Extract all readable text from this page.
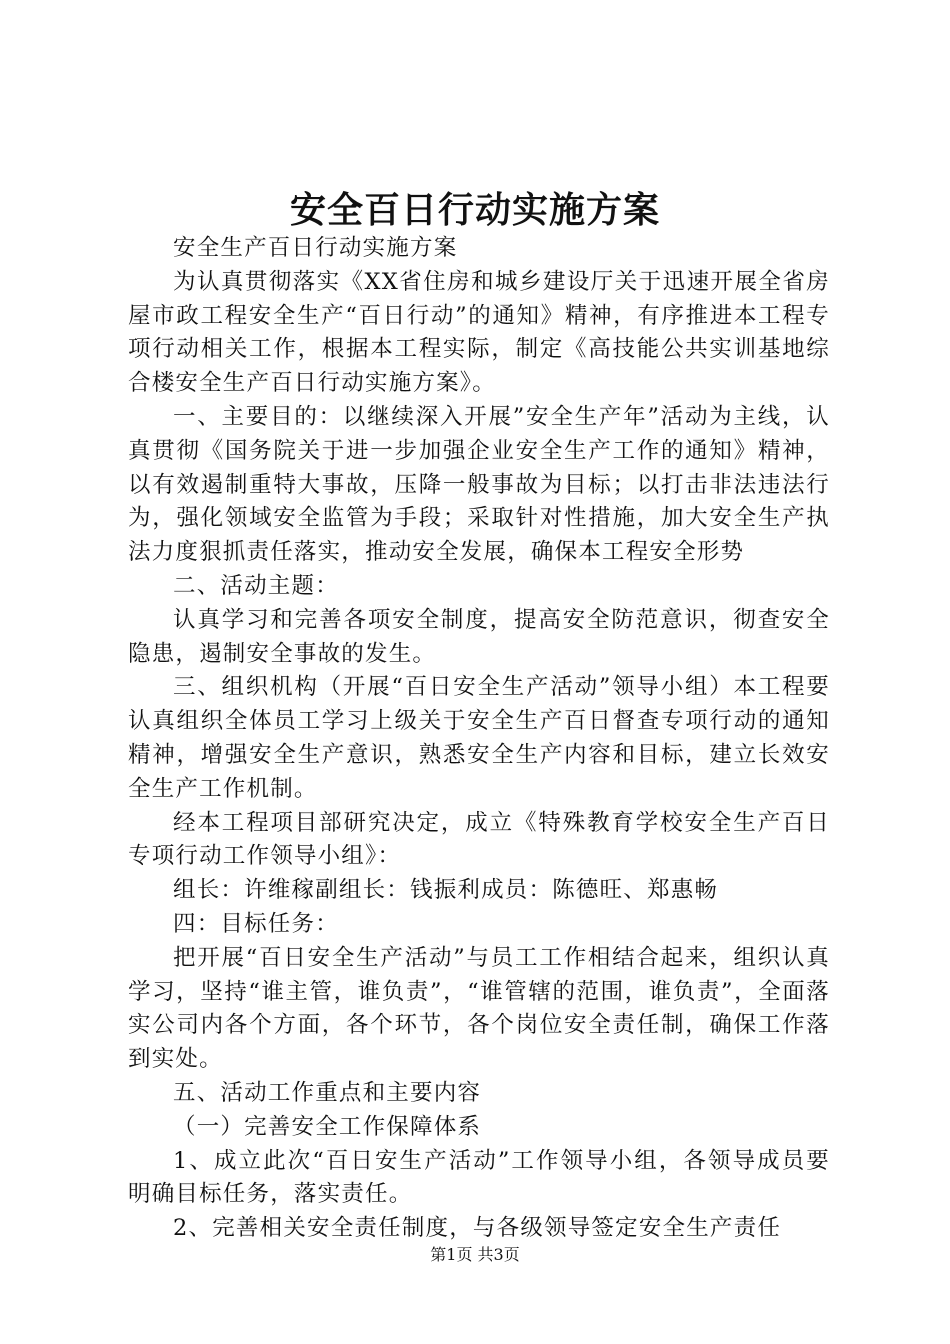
安全百日行动实施方案

安全生产百日行动实施方案

为认真贯彻落实《XX省住房和城乡建设厅关于迅速开展全省房屋市政工程安全生产“百日行动”的通知》精神，有序推进本工程专项行动相关工作，根据本工程实际，制定《高技能公共实训基地综合楼安全生产百日行动实施方案》。

一、主要目的：以继续深入开展”安全生产年”活动为主线，认真贯彻《国务院关于进一步加强企业安全生产工作的通知》精神，以有效遏制重特大事故，压降一般事故为目标；以打击非法违法行为，强化领域安全监管为手段；采取针对性措施，加大安全生产执法力度狠抓责任落实，推动安全发展，确保本工程安全形势

二、活动主题：

认真学习和完善各项安全制度，提高安全防范意识，彻查安全隐患，遏制安全事故的发生。

三、组织机构（开展“百日安全生产活动”领导小组）本工程要认真组织全体员工学习上级关于安全生产百日督查专项行动的通知精神，增强安全生产意识，熟悉安全生产内容和目标，建立长效安全生产工作机制。

经本工程项目部研究决定，成立《特殊教育学校安全生产百日专项行动工作领导小组》：

组长：许维稼副组长：钱振利成员：陈德旺、郑惠畅

四：目标任务：

把开展“百日安全生产活动”与员工工作相结合起来，组织认真学习，坚持“谁主管，谁负责”，“谁管辖的范围，谁负责”，全面落实公司内各个方面，各个环节，各个岗位安全责任制，确保工作落到实处。

五、活动工作重点和主要内容

（一）完善安全工作保障体系

1、成立此次“百日安生产活动”工作领导小组，各领导成员要明确目标任务，落实责任。

2、完善相关安全责任制度，与各级领导签定安全生产责任

第1页 共3页
